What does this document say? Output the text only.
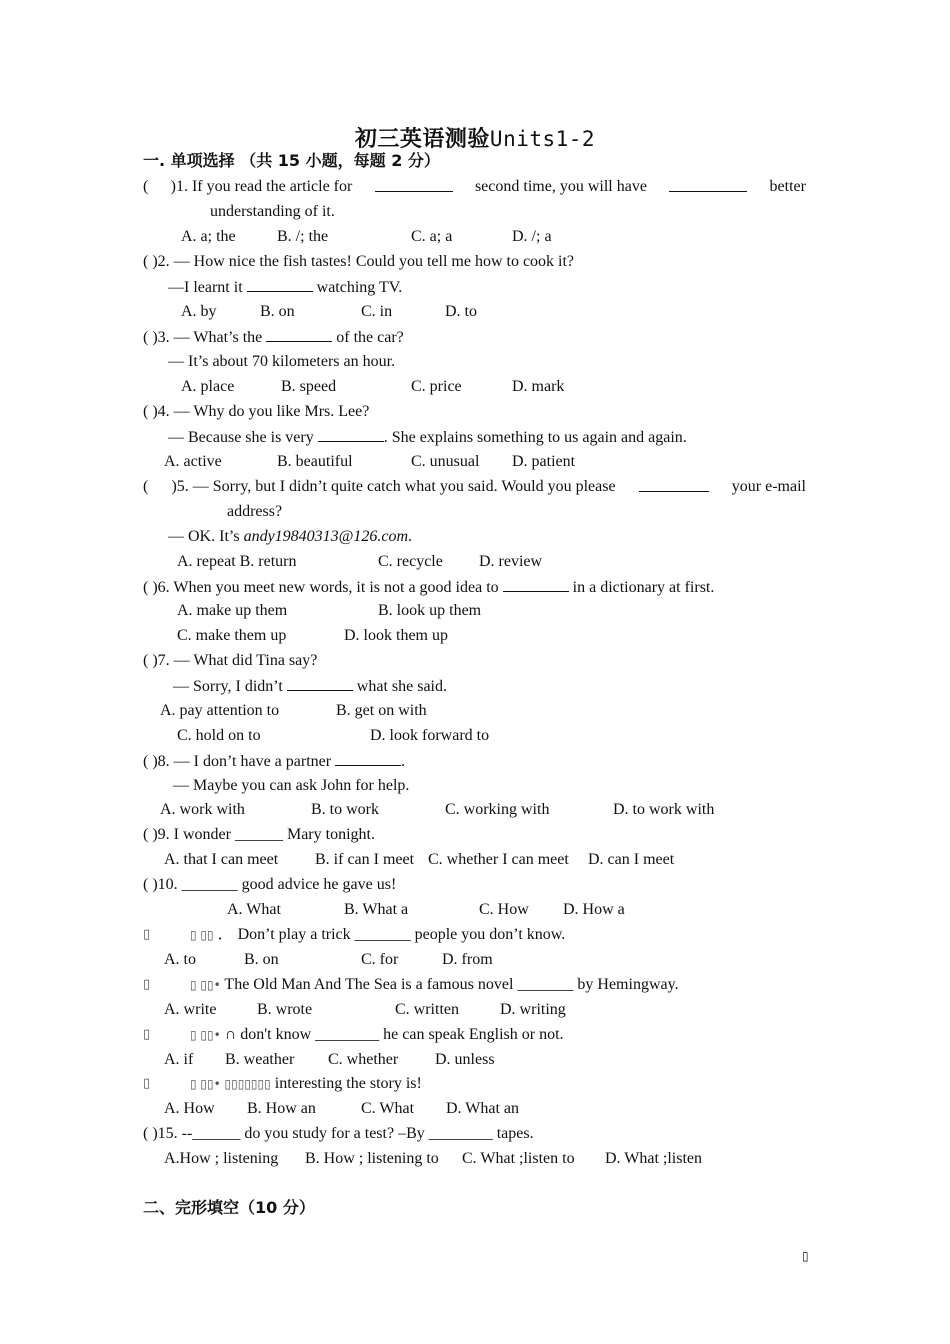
初三英语测验Units1-2
一. 单项选择 （共 15 小题，每题 2 分）
( )1. If you read the article for	second time, you will have	better
understanding of it.
A. a; the	B. /; the	C. a; a	D. /; a
( )2. — How nice the fish tastes! Could you tell me how to cook it?
—I learnt it	watching TV.
A. by	B. on	C. in	D. to
( )3. — What’s the	of the car?
— It’s about 70 kilometers an hour.
A. place	B. speed	C. price	D. mark
( )4. — Why do you like Mrs. Lee?
— Because she is very	. She explains something to us again and again.
A. active	B. beautiful	C. unusual D. patient
( )5. — Sorry, but I didn’t quite catch what you said. Would you please	your e-mail
address?
— OK. It’s andy19840313@126.com.
A. repeat B. return	C. recycle D. review
( )6. When you meet new words, it is not a good idea to	in a dictionary at first.
A. make up them	B. look up them
C. make them up	D. look them up
( )7. — What did Tina say?
— Sorry, I didn’t	what she said.
A. pay attention to	B. get on with
C. hold on to	D. look forward to
( )8. — I don’t have a partner	.
— Maybe you can ask John for help.
A. work with	B. to work	C. working with	D. to work with
( )9. I wonder ______ Mary tonight.
A. that I can meet B. if can I meet C. whether I can meet D. can I meet
( )10. _______ good advice he gave us!
A. What	B. What a	C. How D. How a
▯	▯ ▯▯ ． Don’t play a trick _______ people you don’t know.
A. to	B. on	C. for	D. from
▯	▯ ▯▯• The Old Man And The Sea is a famous novel _______ by Hemingway.
A. write	B. wrote	C. written	D. writing
▯	▯ ▯▯• ∩ don't know ________ he can speak English or not.
A. if B. weather C. whether D. unless
▯	▯ ▯▯• ▯▯▯▯▯▯▯ interesting the story is!
A. How B. How an	C. What D. What an
( )15. --______ do you study for a test? –By ________ tapes.
A.How ; listening B. How ; listening to C. What ;listen to D. What ;listen
二、完形填空（10 分）
▯
